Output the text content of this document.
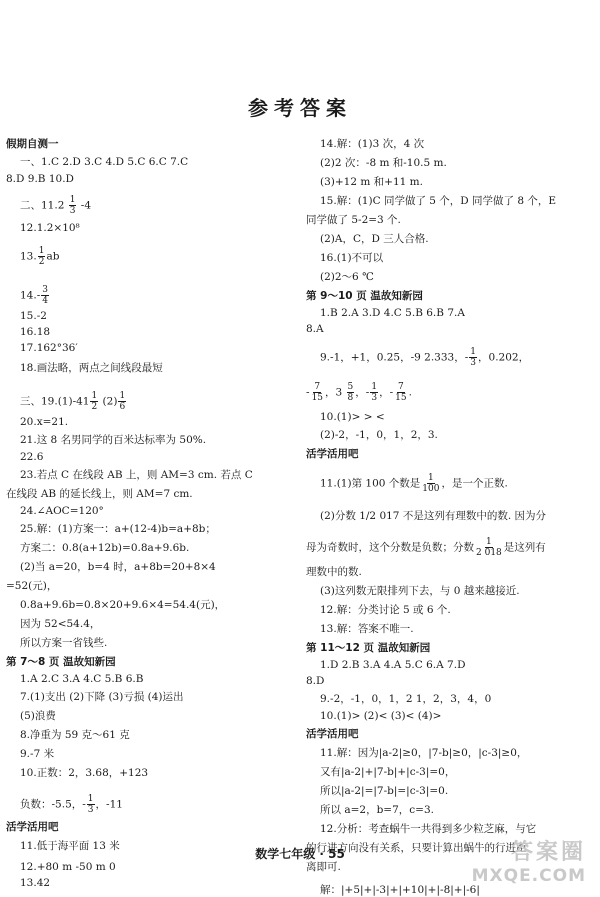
参考答案
假期自测一
一、1.C 2.D 3.C 4.D 5.C 6.C 7.C
8.D 9.B 10.D
二、$11.2 \frac{1}{3} -4$
12.1.2×10⁸
13. $\frac{1}{2}$ ab
$14.- \frac{3}{4}$
15.-2
16.18
17.162°36′
18.画法略，两点之间线段最短
三、$19.(1)-41 \frac{1}{2} (2) \frac{1}{6}$
20.x=21.
21.这 8 名男同学的百米达标率为 50%.
22.6
23.若点 C 在线段 AB 上，则 AM=3 cm. 若点 C
在线段 AB 的延长线上，则 AM=7 cm.
24.∠AOC=120°
25.解：(1)方案一：a+(12-4)b=a+8b；
方案二：0.8(a+12b)=0.8a+9.6b.
(2)当 a=20，b=4 时，a+8b=20+8×4
=52(元)，
0.8a+9.6b=0.8×20+9.6×4=54.4(元)，
因为 52<54.4，
所以方案一省钱些.
第 7～8 页 温故知新园
1.A 2.C 3.A 4.C 5.B 6.B
7.(1)支出 (2)下降 (3)亏损 (4)运出
(5)浪费
8.净重为 59 克～61 克
9.-7 米
10.正数：2，3.68，+123
负数：-5.5，- $\frac{1}{3}$ ，-11
活学活用吧
11.低于海平面 13 米
12.+80 m -50 m 0
13.42
14.解：(1)3 次，4 次
(2)2 次：-8 m 和-10.5 m.
(3)+12 m 和+11 m.
15.解：(1)C 同学做了 5 个，D 同学做了 8 个，E
同学做了 5-2=3 个.
(2)A，C，D 三人合格.
16.(1)不可以
(2)2～6 ℃
第 9～10 页 温故知新园
1.B 2.A 3.D 4.C 5.B 6.B 7.A
8.A
9.-1，+1，0.25，-9 2.333，- $\frac{1}{3}$ ，0.202，
- $\frac{7}{15}$ ，$3 \frac{5}{8}$ ，- $\frac{1}{3}$ ，- $\frac{7}{15}$ .
10.(1)> > <
(2)-2，-1，0，1，2，3.
活学活用吧
11.(1)第 100 个数是 $\frac{1}{100}$ ，是一个正数.
(2)分数 1/2 017 不是这列有理数中的数. 因为分
母为奇数时，这个分数是负数；分数 $\frac{1}{2 018}$ 是这列有
理数中的数.
(3)这列数无限排列下去，与 0 越来越接近.
12.解：分类讨论 5 或 6 个.
13.解：答案不唯一.
第 11～12 页 温故知新园
1.D 2.B 3.A 4.A 5.C 6.A 7.D
8.D
9.-2，-1，0，1，2 1，2，3，4，0
10.(1)> (2)< (3)< (4)>
活学活用吧
11.解：因为|a-2|≥0，|7-b|≥0，|c-3|≥0，
又有|a-2|+|7-b|+|c-3|=0，
所以|a-2|=|7-b|=|c-3|=0.
所以 a=2，b=7，c=3.
12.分析：考查蜗牛一共得到多少粒芝麻，与它
的行进方向没有关系，只要计算出蜗牛的行进距
离即可.
解：|+5|+|-3|+|+10|+|-8|+|-6|
数学七年级 · 55	答案圈
MXQE.COM
